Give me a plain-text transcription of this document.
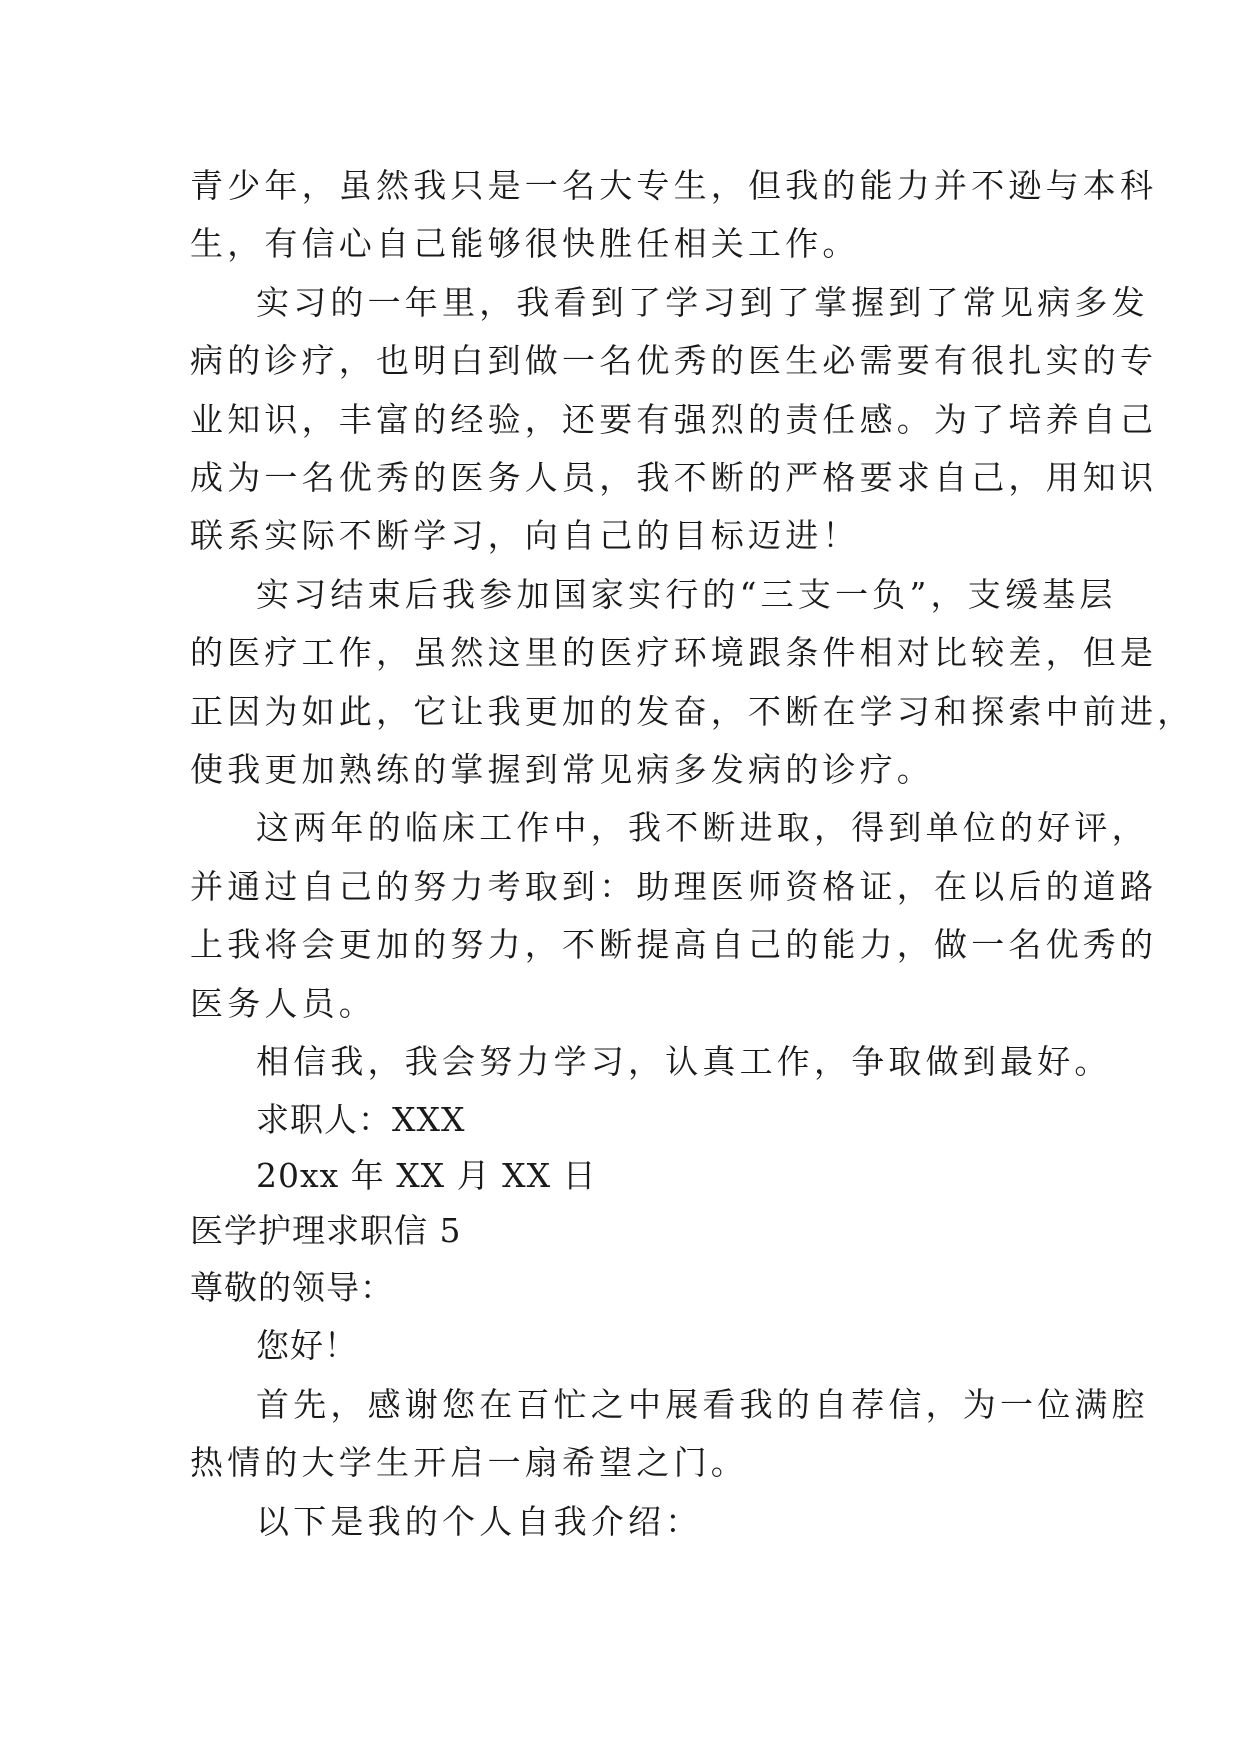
青少年，虽然我只是一名大专生，但我的能力并不逊与本科
生，有信心自己能够很快胜任相关工作。
实习的一年里，我看到了学习到了掌握到了常见病多发
病的诊疗，也明白到做一名优秀的医生必需要有很扎实的专
业知识，丰富的经验，还要有强烈的责任感。为了培养自己
成为一名优秀的医务人员，我不断的严格要求自己，用知识
联系实际不断学习，向自己的目标迈进！
实习结束后我参加国家实行的“三支一负”，支缓基层
的医疗工作，虽然这里的医疗环境跟条件相对比较差，但是
正因为如此，它让我更加的发奋，不断在学习和探索中前进，
使我更加熟练的掌握到常见病多发病的诊疗。
这两年的临床工作中，我不断进取，得到单位的好评，
并通过自己的努力考取到：助理医师资格证，在以后的道路
上我将会更加的努力，不断提高自己的能力，做一名优秀的
医务人员。
相信我，我会努力学习，认真工作，争取做到最好。
求职人：XXX
20xx 年 XX 月 XX 日
医学护理求职信 5
尊敬的领导：
您好！
首先，感谢您在百忙之中展看我的自荐信，为一位满腔
热情的大学生开启一扇希望之门。
以下是我的个人自我介绍：
